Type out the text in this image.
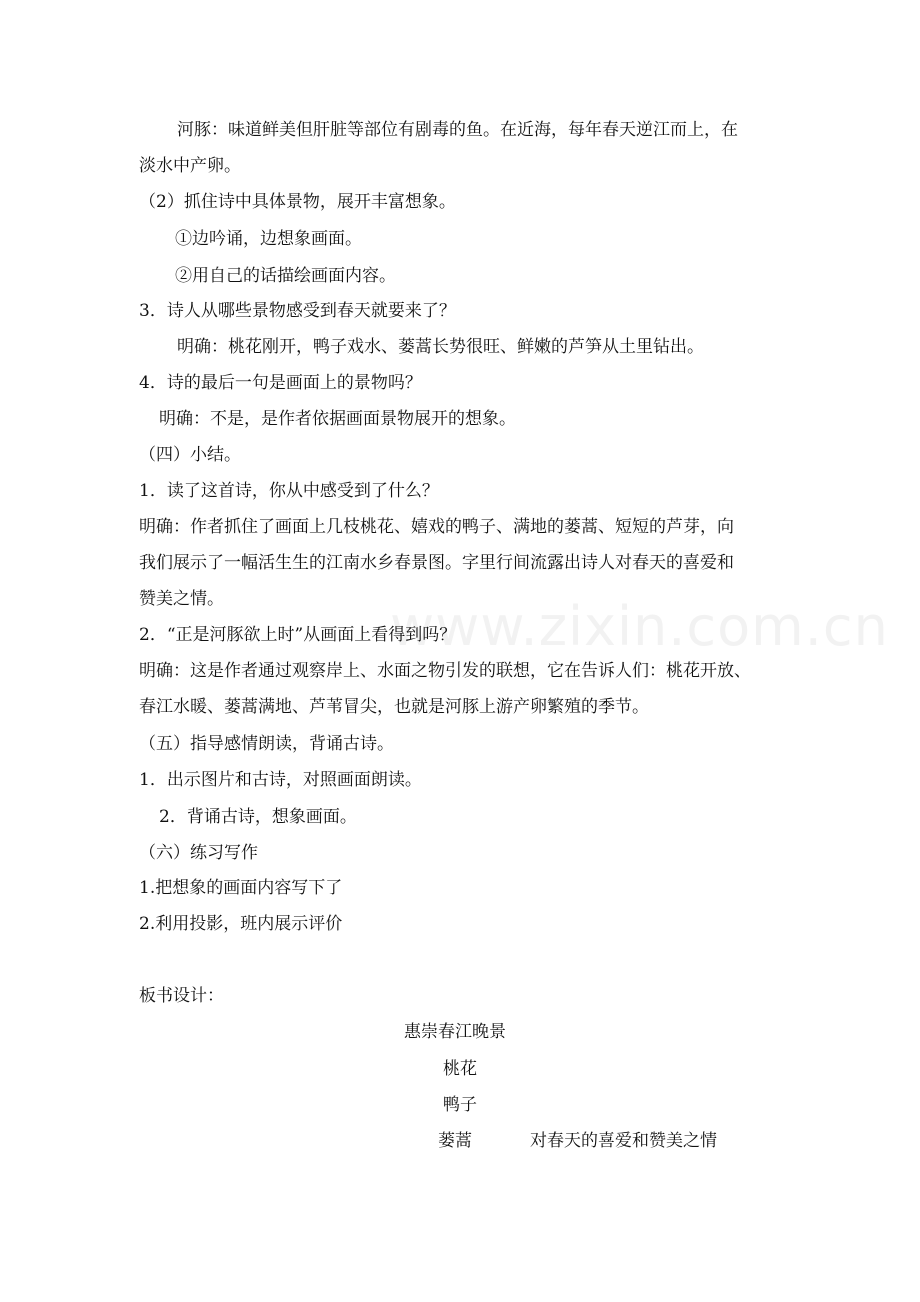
www.zixin.com.cn
河豚：味道鲜美但肝脏等部位有剧毒的鱼。在近海，每年春天逆江而上，在
淡水中产卵。
（2）抓住诗中具体景物，展开丰富想象。
①边吟诵，边想象画面。
②用自己的话描绘画面内容。
3．诗人从哪些景物感受到春天就要来了？
明确：桃花刚开，鸭子戏水、蒌蒿长势很旺、鲜嫩的芦笋从土里钻出。
4．诗的最后一句是画面上的景物吗？
明确：不是，是作者依据画面景物展开的想象。
（四）小结。
1．读了这首诗，你从中感受到了什么？
明确：作者抓住了画面上几枝桃花、嬉戏的鸭子、满地的蒌蒿、短短的芦芽，向
我们展示了一幅活生生的江南水乡春景图。字里行间流露出诗人对春天的喜爱和
赞美之情。
2．“正是河豚欲上时”从画面上看得到吗？
明确：这是作者通过观察岸上、水面之物引发的联想，它在告诉人们：桃花开放、
春江水暖、蒌蒿满地、芦苇冒尖，也就是河豚上游产卵繁殖的季节。
（五）指导感情朗读，背诵古诗。
1．出示图片和古诗，对照画面朗读。
2．背诵古诗，想象画面。
（六）练习写作
1.把想象的画面内容写下了
2.利用投影，班内展示评价
板书设计：
惠崇春江晚景
桃花
鸭子
蒌蒿	对春天的喜爱和赞美之情
